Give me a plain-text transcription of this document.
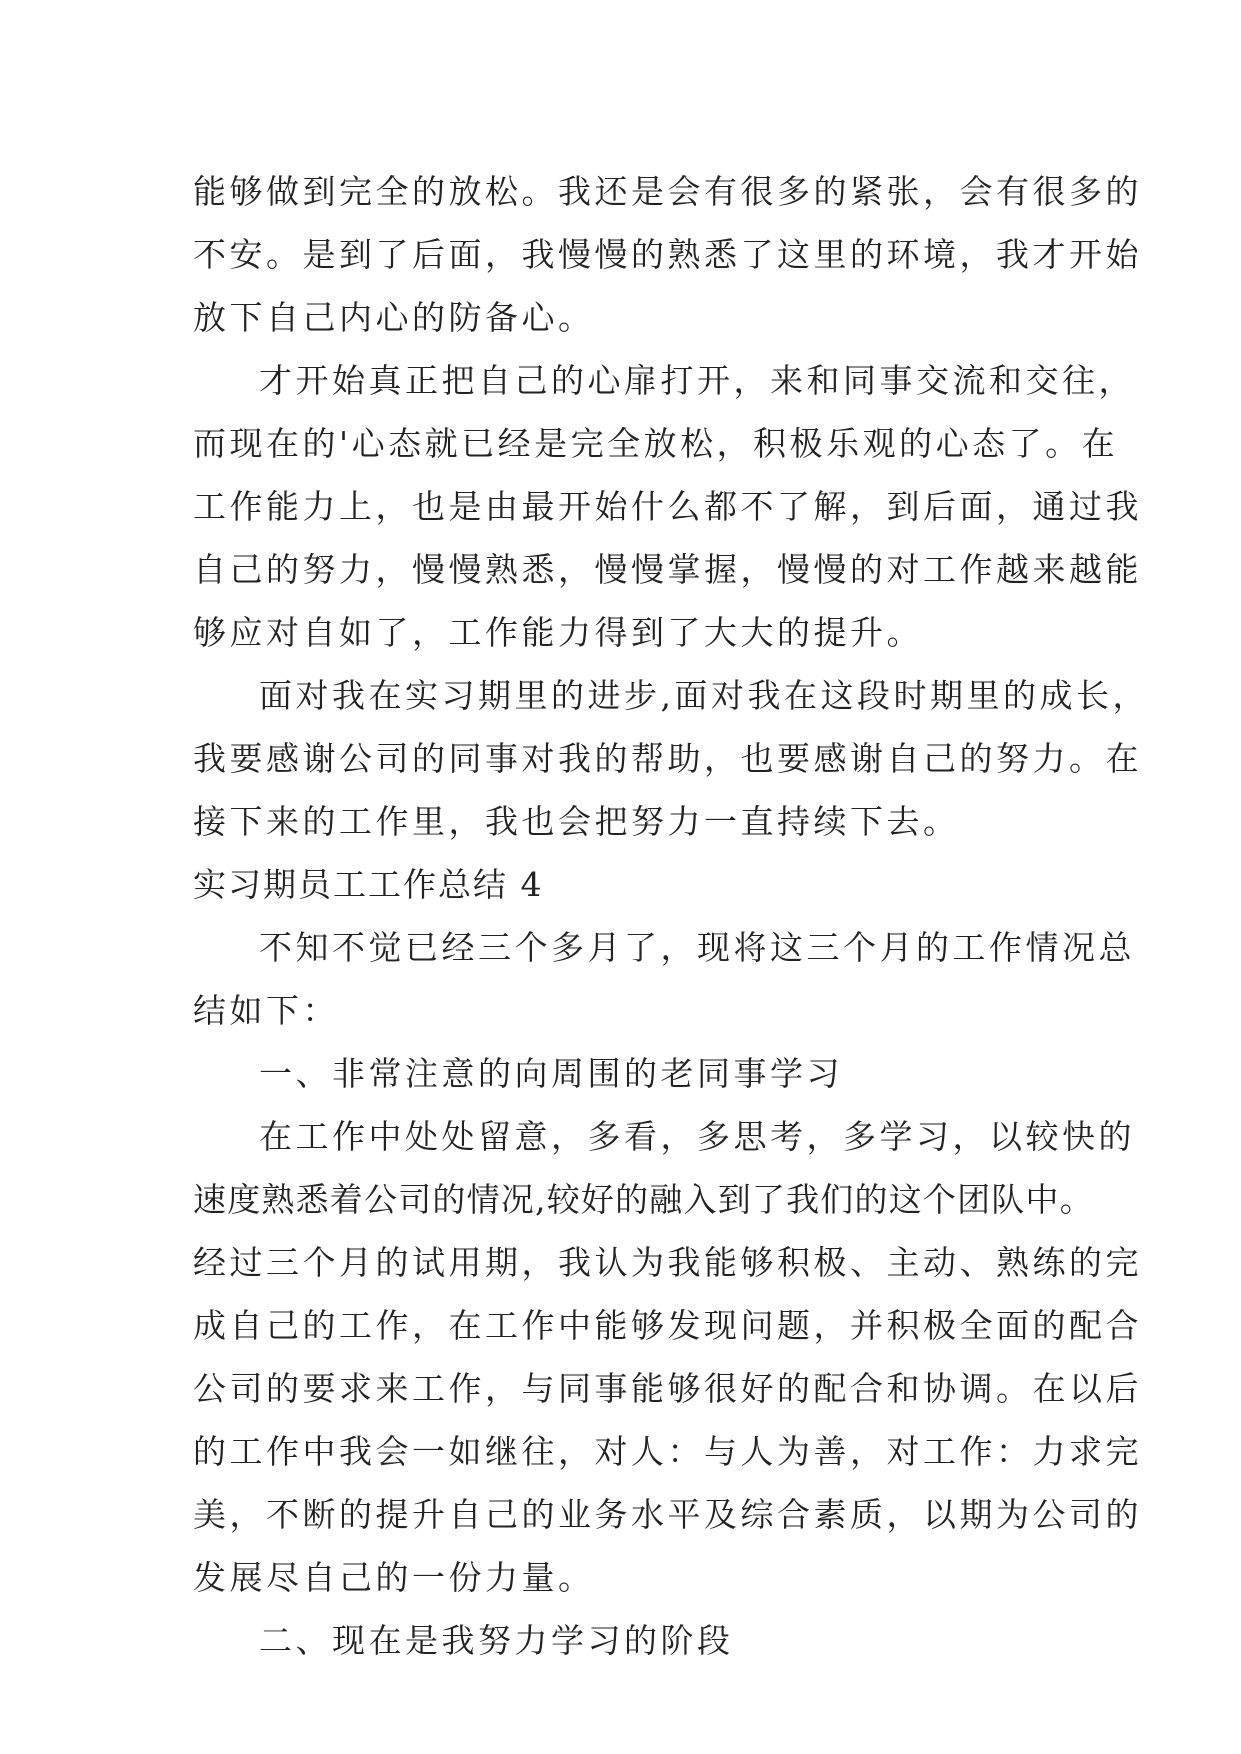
能够做到完全的放松。我还是会有很多的紧张，会有很多的
不安。是到了后面，我慢慢的熟悉了这里的环境，我才开始
放下自己内心的防备心。

才开始真正把自己的心扉打开，来和同事交流和交往，
而现在的'心态就已经是完全放松，积极乐观的心态了。在
工作能力上，也是由最开始什么都不了解，到后面，通过我
自己的努力，慢慢熟悉，慢慢掌握，慢慢的对工作越来越能
够应对自如了，工作能力得到了大大的提升。

面对我在实习期里的进步,面对我在这段时期里的成长，
我要感谢公司的同事对我的帮助，也要感谢自己的努力。在
接下来的工作里，我也会把努力一直持续下去。

实习期员工工作总结 4

不知不觉已经三个多月了，现将这三个月的工作情况总
结如下：

一、非常注意的向周围的老同事学习

在工作中处处留意，多看，多思考，多学习，以较快的
速度熟悉着公司的情况,较好的融入到了我们的这个团队中。
经过三个月的试用期，我认为我能够积极、主动、熟练的完
成自己的工作，在工作中能够发现问题，并积极全面的配合
公司的要求来工作，与同事能够很好的配合和协调。在以后
的工作中我会一如继往，对人：与人为善，对工作：力求完
美，不断的提升自己的业务水平及综合素质，以期为公司的
发展尽自己的一份力量。

二、现在是我努力学习的阶段
